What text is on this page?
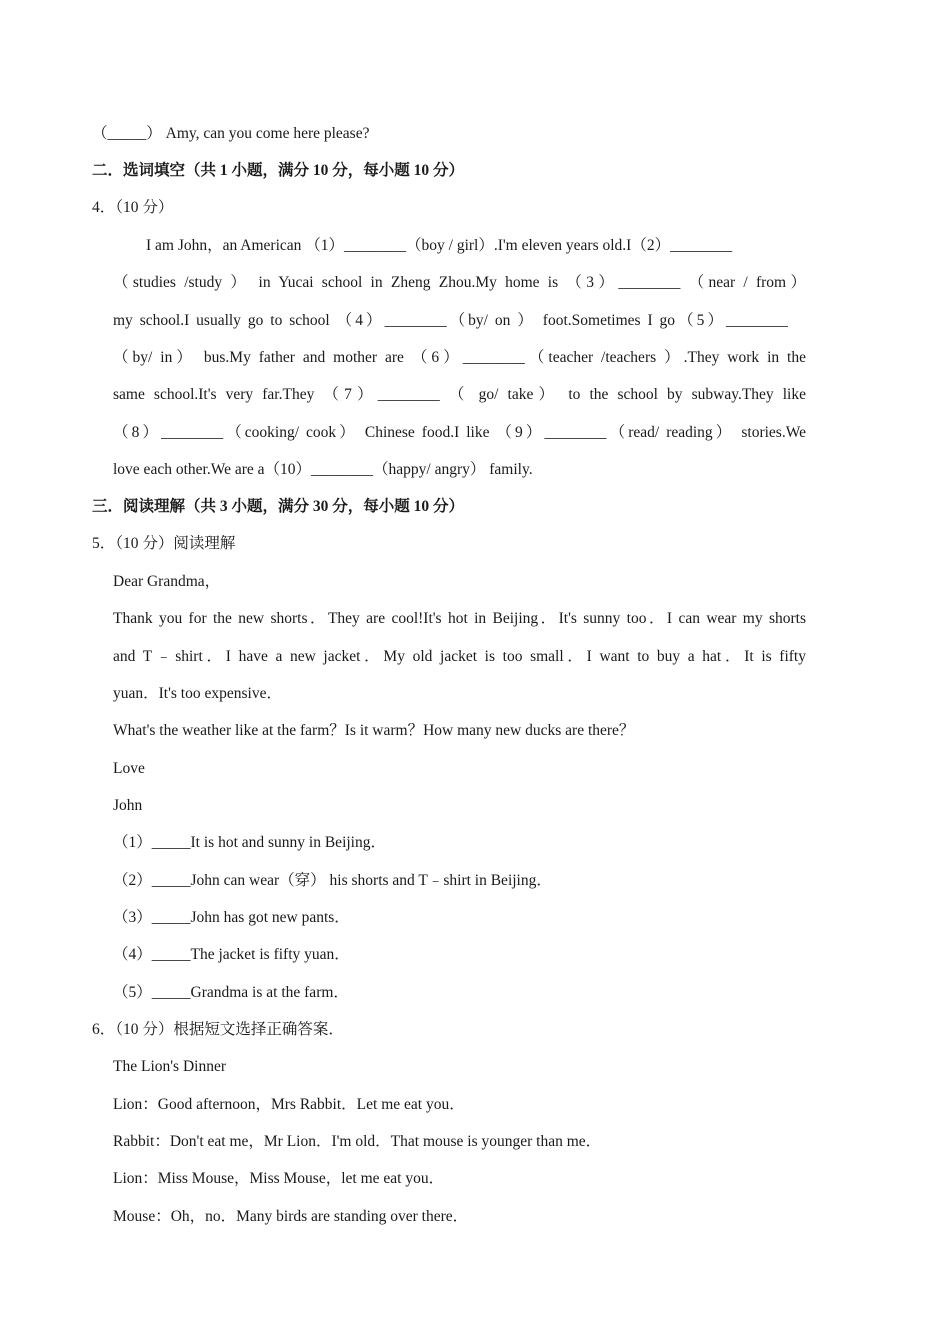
（_____） Amy, can you come here please?
二．选词填空（共 1 小题，满分 10 分，每小题 10 分）
4．（10 分）
I am John，an American （1）________（boy / girl）.I'm eleven years old.I（2）________
（studies /study ） in Yucai school in Zheng Zhou.My home is （3）________ （near / from）
my school.I usually go to school （4）________（by/ on ） foot.Sometimes I go（5）________
（by/ in） bus.My father and mother are （6）________（teacher /teachers ）.They work in the
same school.It's very far.They （7）________ （ go/ take） to the school by subway.They like
（8）________（cooking/ cook） Chinese food.I like （9）________（read/ reading） stories.We
love each other.We are a（10）________（happy/ angry） family.
三．阅读理解（共 3 小题，满分 30 分，每小题 10 分）
5．（10 分）阅读理解
Dear Grandma，
Thank you for the new shorts．They are cool!It's hot in Beijing．It's sunny too．I can wear my shorts
and T﹣shirt．I have a new jacket．My old jacket is too small．I want to buy a hat．It is fifty
yuan．It's too expensive．
What's the weather like at the farm？Is it warm？How many new ducks are there？
Love
John
（1）_____It is hot and sunny in Beijing．
（2）_____John can wear（穿） his shorts and T﹣shirt in Beijing．
（3）_____John has got new pants．
（4）_____The jacket is fifty yuan．
（5）_____Grandma is at the farm．
6．（10 分）根据短文选择正确答案．
The Lion's Dinner
Lion：Good afternoon，Mrs Rabbit．Let me eat you．
Rabbit：Don't eat me，Mr Lion．I'm old．That mouse is younger than me．
Lion：Miss Mouse，Miss Mouse，let me eat you．
Mouse：Oh，no．Many birds are standing over there．
